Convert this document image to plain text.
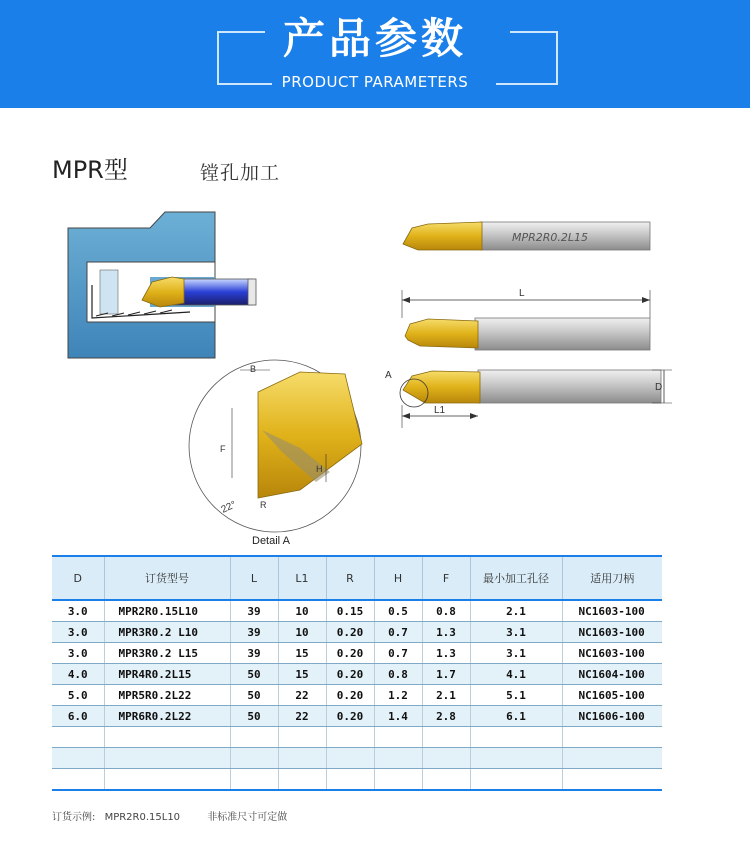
产品参数
PRODUCT PARAMETERS
MPR型	镗孔加工
MPR2R0.2L15
L
A
L1
D
B
F
H
R
22°
Detail A
D	订货型号	L	L1	R	H	F	最小加工孔径	适用刀柄
3.0	MPR2R0.15L10	39	10	0.15	0.5	0.8	2.1	NC1603-100
3.0	MPR3R0.2 L10	39	10	0.20	0.7	1.3	3.1	NC1603-100
3.0	MPR3R0.2 L15	39	15	0.20	0.7	1.3	3.1	NC1603-100
4.0	MPR4R0.2L15	50	15	0.20	0.8	1.7	4.1	NC1604-100
5.0	MPR5R0.2L22	50	22	0.20	1.2	2.1	5.1	NC1605-100
6.0	MPR6R0.2L22	50	22	0.20	1.4	2.8	6.1	NC1606-100

订货示例: MPR2R0.15L10	非标准尺寸可定做
